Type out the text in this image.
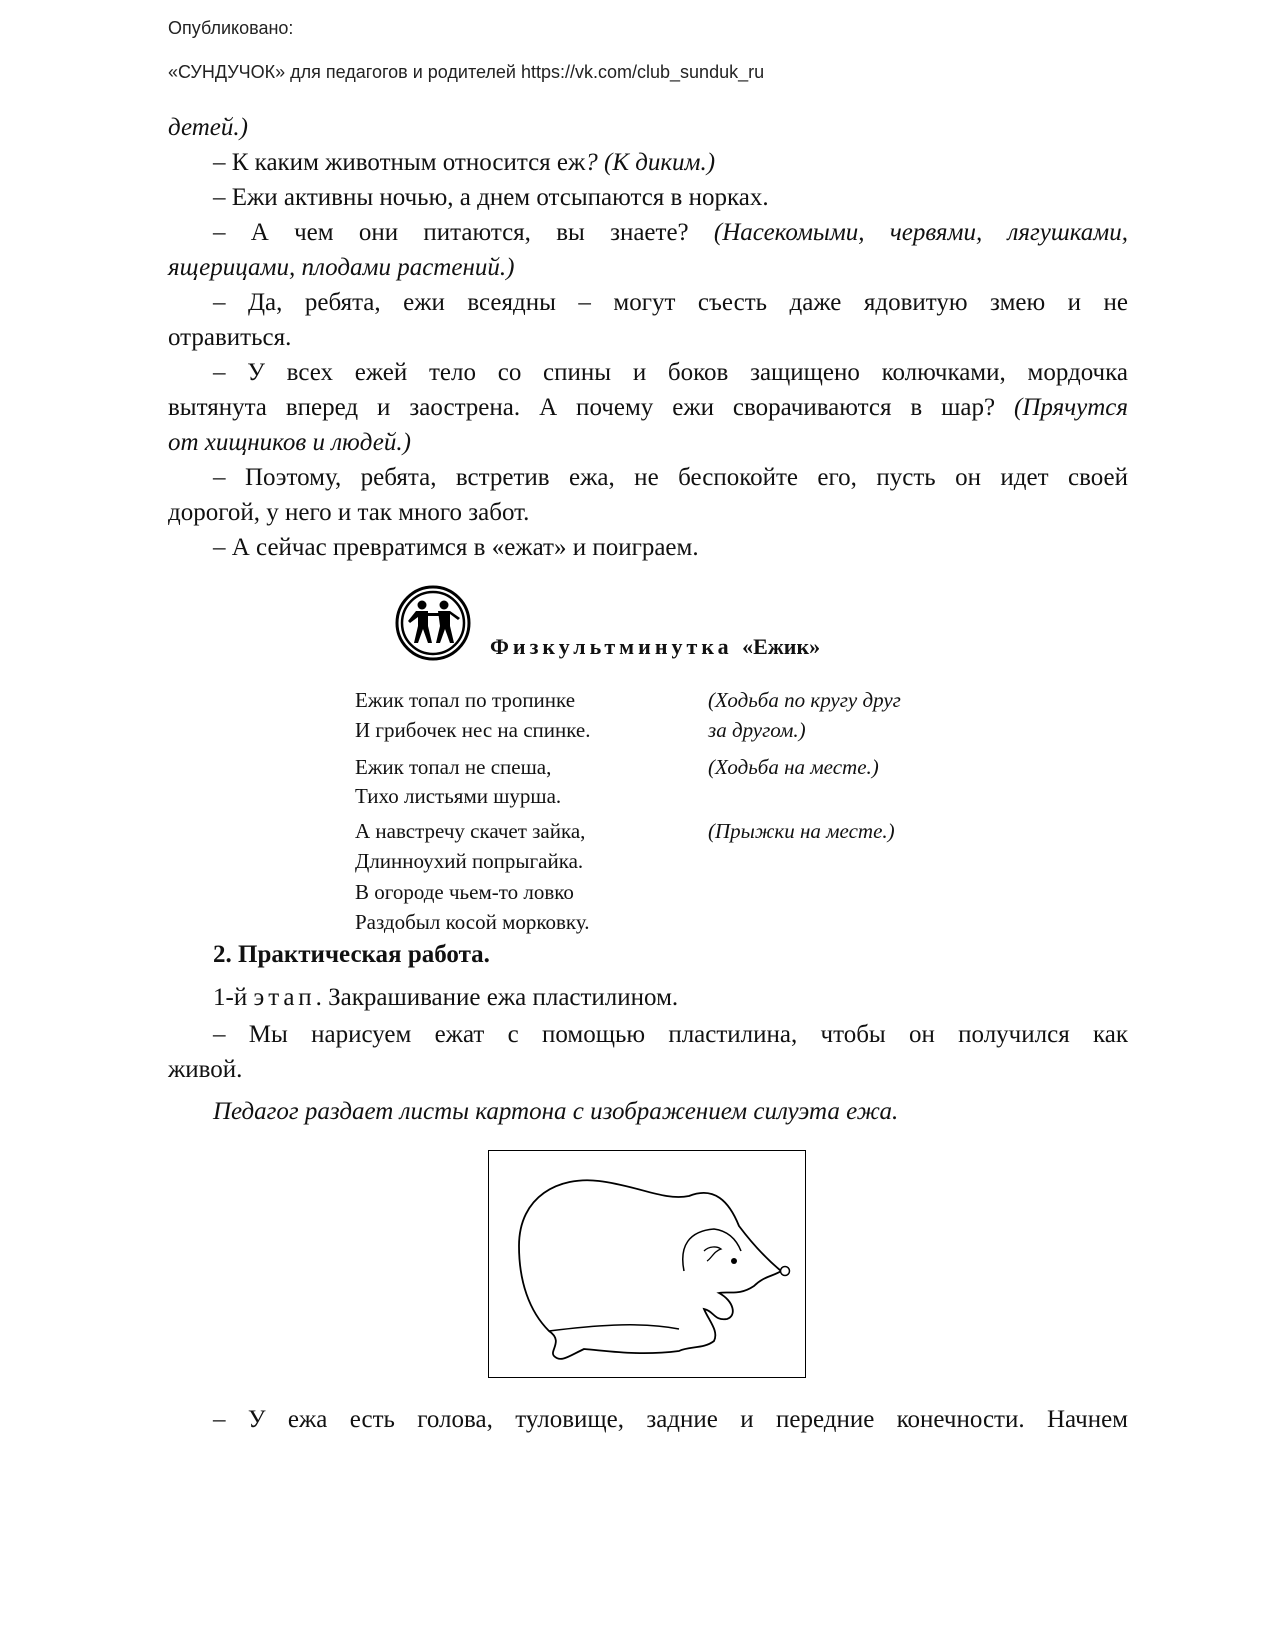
Опубликовано:
«СУНДУЧОК» для педагогов и родителей https://vk.com/club_sunduk_ru
детей.)
– К каким животным относится еж? (К диким.)
– Ежи активны ночью, а днем отсыпаются в норках.
– А чем они питаются, вы знаете? (Насекомыми, червями, лягушками,
ящерицами, плодами растений.)
– Да, ребята, ежи всеядны – могут съесть даже ядовитую змею и не
отравиться.
– У всех ежей тело со спины и боков защищено колючками, мордочка
вытянута вперед и заострена. А почему ежи сворачиваются в шар? (Прячутся
от хищников и людей.)
– Поэтому, ребята, встретив ежа, не беспокойте его, пусть он идет своей
дорогой, у него и так много забот.
– А сейчас превратимся в «ежат» и поиграем.
Физкультминутка «Ежик»
Ежик топал по тропинке
И грибочек нес на спинке.
(Ходьба по кругу друг
за другом.)
Ежик топал не спеша,
Тихо листьями шурша.
(Ходьба на месте.)
А навстречу скачет зайка,
Длинноухий попрыгайка.
В огороде чьем-то ловко
Раздобыл косой морковку.
(Прыжки на месте.)
2. Практическая работа.
1-й этап. Закрашивание ежа пластилином.
– Мы нарисуем ежат с помощью пластилина, чтобы он получился как
живой.
Педагог раздает листы картона с изображением силуэта ежа.
– У ежа есть голова, туловище, задние и передние конечности. Начнем
